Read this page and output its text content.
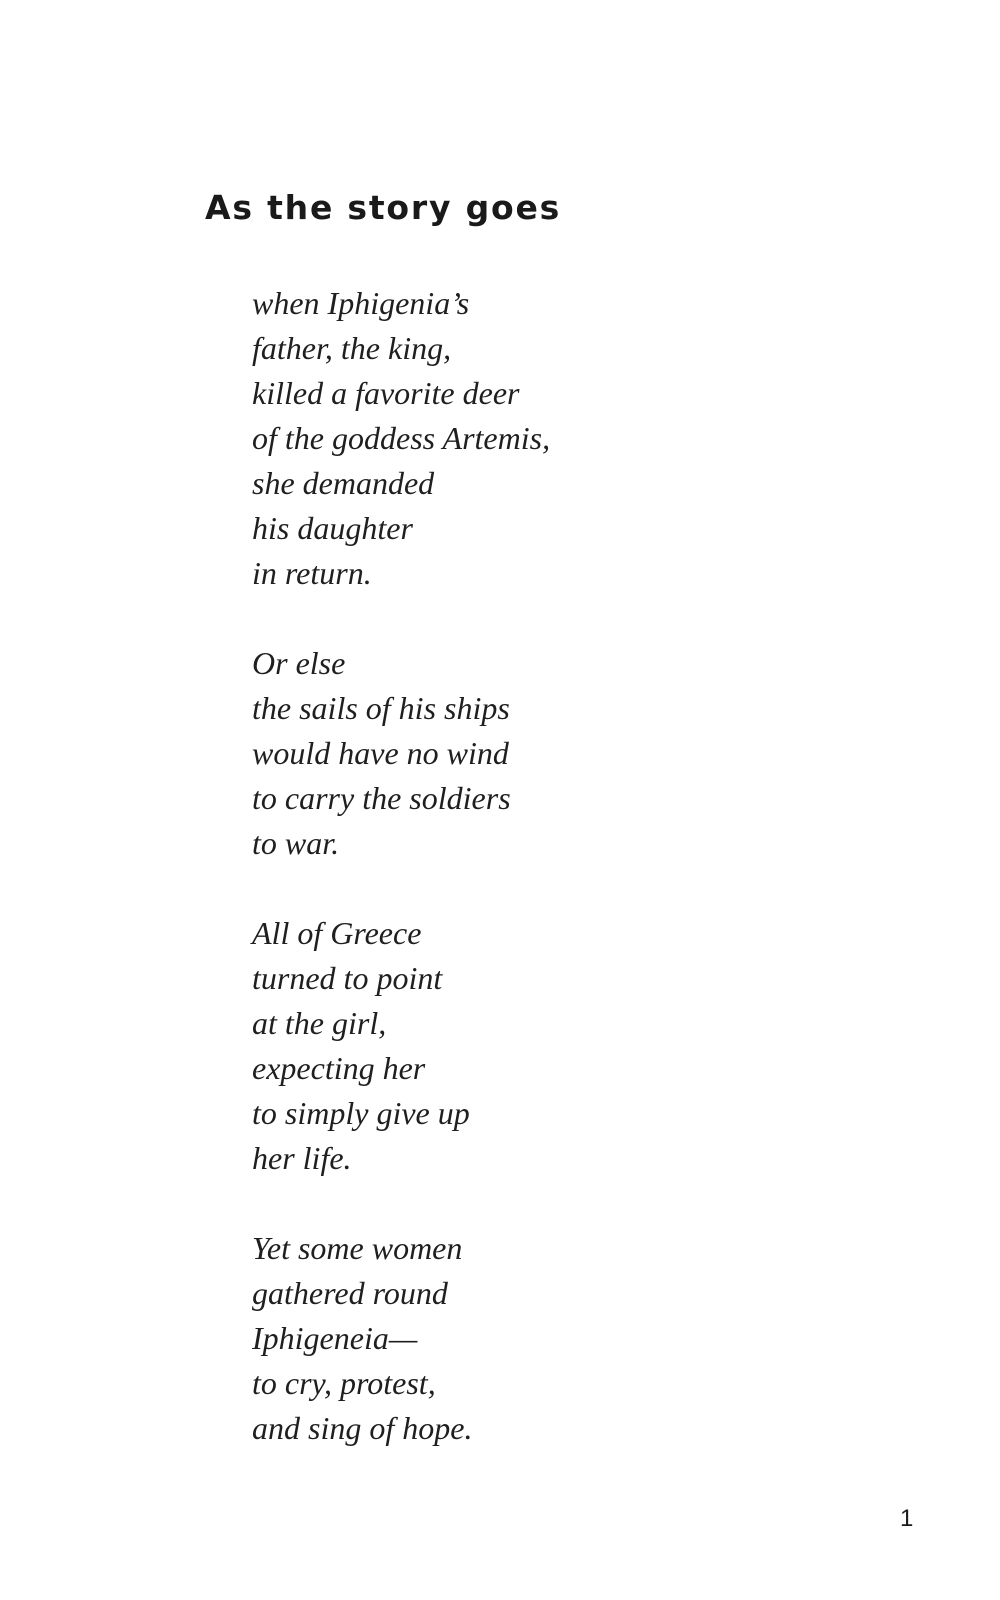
As the story goes

when Iphigenia’s
father, the king,
killed a favorite deer
of the goddess Artemis,
she demanded
his daughter
in return.

Or else
the sails of his ships
would have no wind
to carry the soldiers
to war.

All of Greece
turned to point
at the girl,
expecting her
to simply give up
her life.

Yet some women
gathered round
Iphigeneia—
to cry, protest,
and sing of hope.

1
